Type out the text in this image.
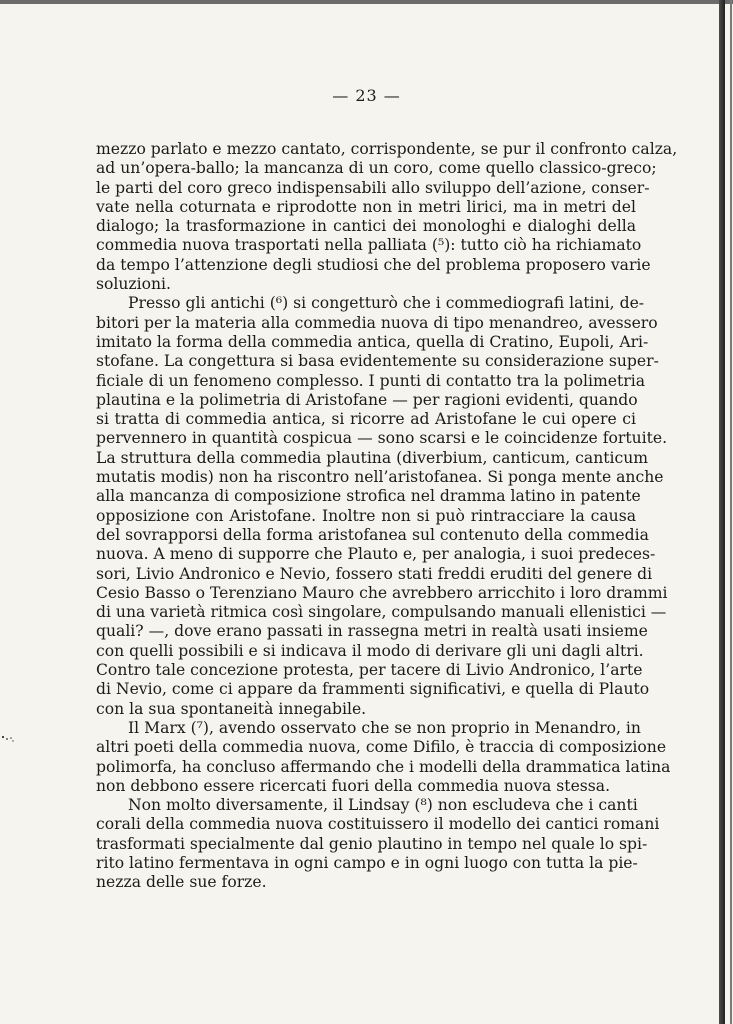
— 23 —
mezzo parlato e mezzo cantato, corrispondente, se pur il confronto calza,
ad un’opera-ballo; la mancanza di un coro, come quello classico-greco;
le parti del coro greco indispensabili allo sviluppo dell’azione, conser-
vate nella coturnata e riprodotte non in metri lirici, ma in metri del
dialogo; la trasformazione in cantici dei monologhi e dialoghi della
commedia nuova trasportati nella palliata (⁵): tutto ciò ha richiamato
da tempo l’attenzione degli studiosi che del problema proposero varie
soluzioni.
Presso gli antichi (⁶) si congetturò che i commediografi latini, de-
bitori per la materia alla commedia nuova di tipo menandreo, avessero
imitato la forma della commedia antica, quella di Cratino, Eupoli, Ari-
stofane. La congettura si basa evidentemente su considerazione super-
ficiale di un fenomeno complesso. I punti di contatto tra la polimetria
plautina e la polimetria di Aristofane — per ragioni evidenti, quando
si tratta di commedia antica, si ricorre ad Aristofane le cui opere ci
pervennero in quantità cospicua — sono scarsi e le coincidenze fortuite.
La struttura della commedia plautina (diverbium, canticum, canticum
mutatis modis) non ha riscontro nell’aristofanea. Si ponga mente anche
alla mancanza di composizione strofica nel dramma latino in patente
opposizione con Aristofane. Inoltre non si può rintracciare la causa
del sovrapporsi della forma aristofanea sul contenuto della commedia
nuova. A meno di supporre che Plauto e, per analogia, i suoi predeces-
sori, Livio Andronico e Nevio, fossero stati freddi eruditi del genere di
Cesio Basso o Terenziano Mauro che avrebbero arricchito i loro drammi
di una varietà ritmica così singolare, compulsando manuali ellenistici —
quali? —, dove erano passati in rassegna metri in realtà usati insieme
con quelli possibili e si indicava il modo di derivare gli uni dagli altri.
Contro tale concezione protesta, per tacere di Livio Andronico, l’arte
di Nevio, come ci appare da frammenti significativi, e quella di Plauto
con la sua spontaneità innegabile.
Il Marx (⁷), avendo osservato che se non proprio in Menandro, in
altri poeti della commedia nuova, come Difilo, è traccia di composizione
polimorfa, ha concluso affermando che i modelli della drammatica latina
non debbono essere ricercati fuori della commedia nuova stessa.
Non molto diversamente, il Lindsay (⁸) non escludeva che i canti
corali della commedia nuova costituissero il modello dei cantici romani
trasformati specialmente dal genio plautino in tempo nel quale lo spi-
rito latino fermentava in ogni campo e in ogni luogo con tutta la pie-
nezza delle sue forze.
